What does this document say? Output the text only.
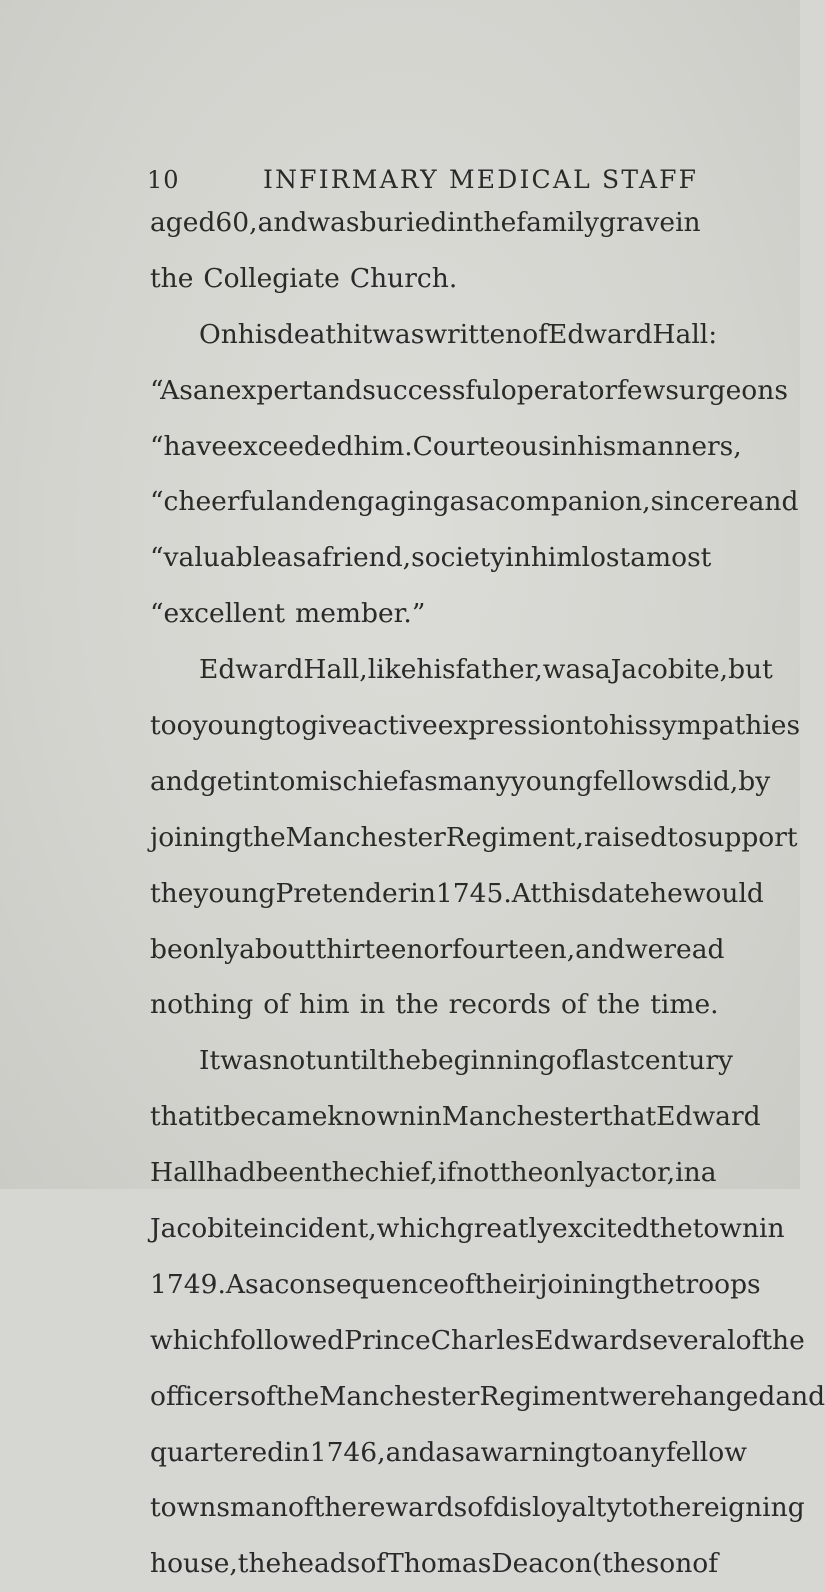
10	INFIRMARY MEDICAL STAFF
aged 60, and was buried in the family grave in
the Collegiate Church.
On his death it was written of Edward Hall:
“As an expert and successful operator few surgeons
“have exceeded him. Courteous in his manners,
“cheerful and engaging as a companion, sincere and
“valuable as a friend, society in him lost a most
“excellent member.”
Edward Hall, like his father, was a Jacobite, but
too young to give active expression to his sympathies
and get into mischief as many young fellows did, by
joining the Manchester Regiment, raised to support
the young Pretender in 1745. At this date he would
be only about thirteen or fourteen, and we read
nothing of him in the records of the time.
It was not until the beginning of last century
that it became known in Manchester that Edward
Hall had been the chief, if not the only actor, in a
Jacobite incident, which greatly excited the town in
1749. As a consequence of their joining the troops
which followed Prince Charles Edward several of the
officers of the Manchester Regiment were hanged and
quartered in 1746, and as a warning to any fellow
townsman of the rewards of disloyalty to the reigning
house, the heads of Thomas Deacon (the son of
